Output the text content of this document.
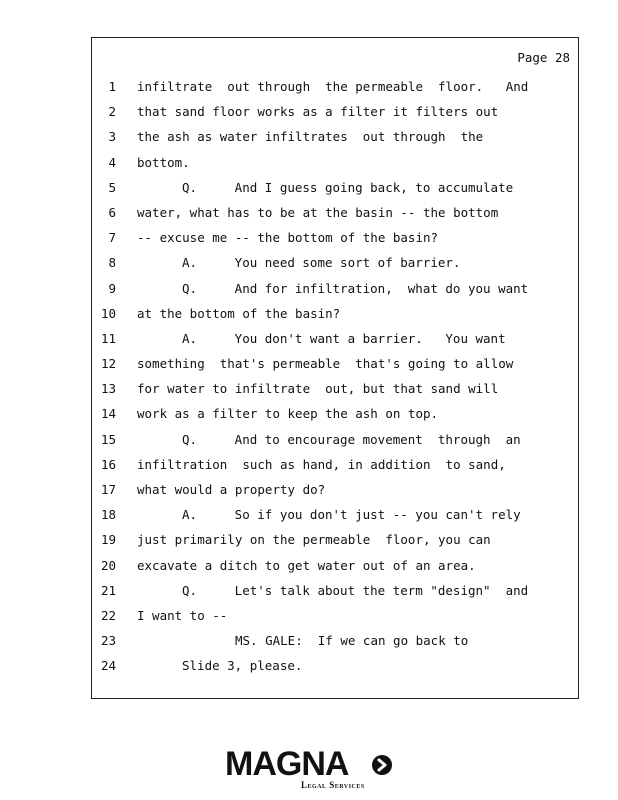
Page 28
1 infiltrate  out through  the permeable  floor.   And
2 that sand floor works as a filter it filters out
3 the ash as water infiltrates  out through  the
4 bottom.
5	Q.     And I guess going back, to accumulate
6 water, what has to be at the basin -- the bottom
7 -- excuse me -- the bottom of the basin?
8	A.     You need some sort of barrier.
9	Q.     And for infiltration,  what do you want
10 at the bottom of the basin?
11	A.     You don't want a barrier.   You want
12 something  that's permeable  that's going to allow
13 for water to infiltrate  out, but that sand will
14 work as a filter to keep the ash on top.
15	Q.     And to encourage movement  through  an
16 infiltration  such as hand, in addition  to sand,
17 what would a property do?
18	A.     So if you don't just -- you can't rely
19 just primarily on the permeable  floor, you can
20 excavate a ditch to get water out of an area.
21	Q.     Let's talk about the term "design"  and
22 I want to --
23	MS. GALE:  If we can go back to
24	Slide 3, please.
MAGNA
Legal Services
